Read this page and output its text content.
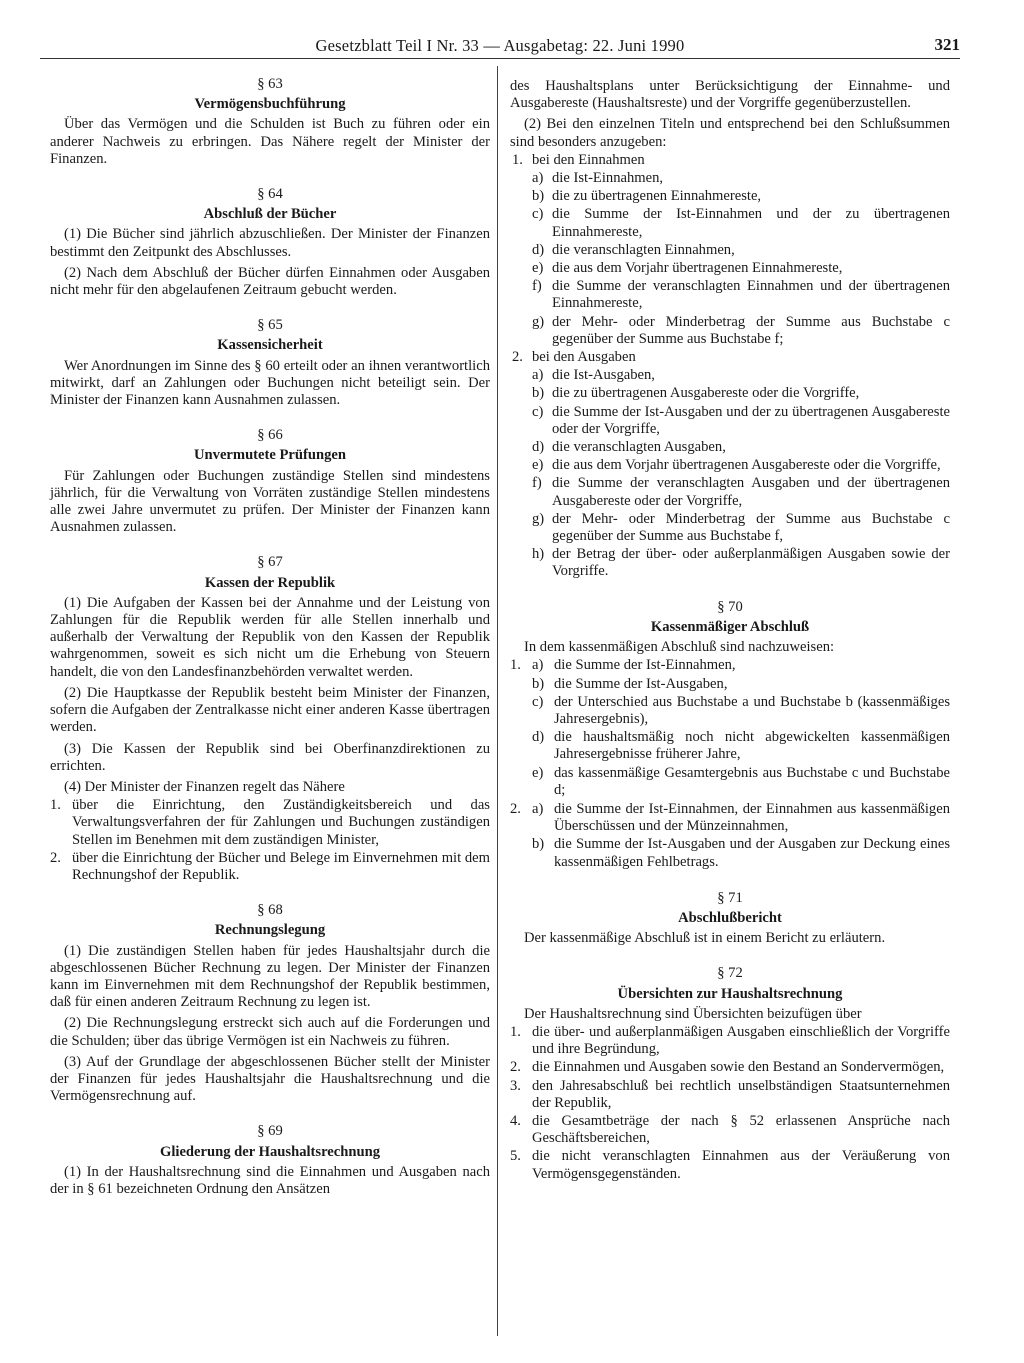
Gesetzblatt Teil I Nr. 33 — Ausgabetag: 22. Juni 1990	321
§ 63
Vermögensbuchführung

Über das Vermögen und die Schulden ist Buch zu führen oder ein anderer Nachweis zu erbringen. Das Nähere regelt der Minister der Finanzen.

§ 64
Abschluß der Bücher

(1) Die Bücher sind jährlich abzuschließen. Der Minister der Finanzen bestimmt den Zeitpunkt des Abschlusses.

(2) Nach dem Abschluß der Bücher dürfen Einnahmen oder Ausgaben nicht mehr für den abgelaufenen Zeitraum gebucht werden.

§ 65
Kassensicherheit

Wer Anordnungen im Sinne des § 60 erteilt oder an ihnen verantwortlich mitwirkt, darf an Zahlungen oder Buchungen nicht beteiligt sein. Der Minister der Finanzen kann Ausnahmen zulassen.

§ 66
Unvermutete Prüfungen

Für Zahlungen oder Buchungen zuständige Stellen sind mindestens jährlich, für die Verwaltung von Vorräten zuständige Stellen mindestens alle zwei Jahre unvermutet zu prüfen. Der Minister der Finanzen kann Ausnahmen zulassen.

§ 67
Kassen der Republik

(1) Die Aufgaben der Kassen bei der Annahme und der Leistung von Zahlungen für die Republik werden für alle Stellen innerhalb und außerhalb der Verwaltung der Republik von den Kassen der Republik wahrgenommen, soweit es sich nicht um die Erhebung von Steuern handelt, die von den Landesfinanzbehörden verwaltet werden.

(2) Die Hauptkasse der Republik besteht beim Minister der Finanzen, sofern die Aufgaben der Zentralkasse nicht einer anderen Kasse übertragen werden.

(3) Die Kassen der Republik sind bei Oberfinanzdirektionen zu errichten.

(4) Der Minister der Finanzen regelt das Nähere

1. über die Einrichtung, den Zuständigkeitsbereich und das Verwaltungsverfahren der für Zahlungen und Buchungen zuständigen Stellen im Benehmen mit dem zuständigen Minister,
2. über die Einrichtung der Bücher und Belege im Einvernehmen mit dem Rechnungshof der Republik.
§ 68
Rechnungslegung

(1) Die zuständigen Stellen haben für jedes Haushaltsjahr durch die abgeschlossenen Bücher Rechnung zu legen. Der Minister der Finanzen kann im Einvernehmen mit dem Rechnungshof der Republik bestimmen, daß für einen anderen Zeitraum Rechnung zu legen ist.

(2) Die Rechnungslegung erstreckt sich auch auf die Forderungen und die Schulden; über das übrige Vermögen ist ein Nachweis zu führen.

(3) Auf der Grundlage der abgeschlossenen Bücher stellt der Minister der Finanzen für jedes Haushaltsjahr die Haushaltsrechnung und die Vermögensrechnung auf.

§ 69
Gliederung der Haushaltsrechnung

(1) In der Haushaltsrechnung sind die Einnahmen und Ausgaben nach der in § 61 bezeichneten Ordnung den Ansätzen

des Haushaltsplans unter Berücksichtigung der Einnahme- und Ausgabereste (Haushaltsreste) und der Vorgriffe gegenüberzustellen.

(2) Bei den einzelnen Titeln und entsprechend bei den Schlußsummen sind besonders anzugeben:

1. bei den Einnahmen
a) die Ist-Einnahmen,
b) die zu übertragenen Einnahmereste,
c) die Summe der Ist-Einnahmen und der zu übertragenen Einnahmereste,
d) die veranschlagten Einnahmen,
e) die aus dem Vorjahr übertragenen Einnahmereste,
f) die Summe der veranschlagten Einnahmen und der übertragenen Einnahmereste,
g) der Mehr- oder Minderbetrag der Summe aus Buchstabe c gegenüber der Summe aus Buchstabe f;
2. bei den Ausgaben
a) die Ist-Ausgaben,
b) die zu übertragenen Ausgabereste oder die Vorgriffe,
c) die Summe der Ist-Ausgaben und der zu übertragenen Ausgabereste oder der Vorgriffe,
d) die veranschlagten Ausgaben,
e) die aus dem Vorjahr übertragenen Ausgabereste oder die Vorgriffe,
f) die Summe der veranschlagten Ausgaben und der übertragenen Ausgabereste oder der Vorgriffe,
g) der Mehr- oder Minderbetrag der Summe aus Buchstabe c gegenüber der Summe aus Buchstabe f,
h) der Betrag der über- oder außerplanmäßigen Ausgaben sowie der Vorgriffe.
§ 70
Kassenmäßiger Abschluß

In dem kassenmäßigen Abschluß sind nachzuweisen:

1. a) die Summe der Ist-Einnahmen,
b) die Summe der Ist-Ausgaben,
c) der Unterschied aus Buchstabe a und Buchstabe b (kassenmäßiges Jahresergebnis),
d) die haushaltsmäßig noch nicht abgewickelten kassenmäßigen Jahresergebnisse früherer Jahre,
e) das kassenmäßige Gesamtergebnis aus Buchstabe c und Buchstabe d;
2. a) die Summe der Ist-Einnahmen, der Einnahmen aus kassenmäßigen Überschüssen und der Münzeinnahmen,
b) die Summe der Ist-Ausgaben und der Ausgaben zur Deckung eines kassenmäßigen Fehlbetrags.
§ 71
Abschlußbericht

Der kassenmäßige Abschluß ist in einem Bericht zu erläutern.

§ 72
Übersichten zur Haushaltsrechnung

Der Haushaltsrechnung sind Übersichten beizufügen über

1. die über- und außerplanmäßigen Ausgaben einschließlich der Vorgriffe und ihre Begründung,
2. die Einnahmen und Ausgaben sowie den Bestand an Sondervermögen,
3. den Jahresabschluß bei rechtlich unselbständigen Staatsunternehmen der Republik,
4. die Gesamtbeträge der nach § 52 erlassenen Ansprüche nach Geschäftsbereichen,
5. die nicht veranschlagten Einnahmen aus der Veräußerung von Vermögensgegenständen.
